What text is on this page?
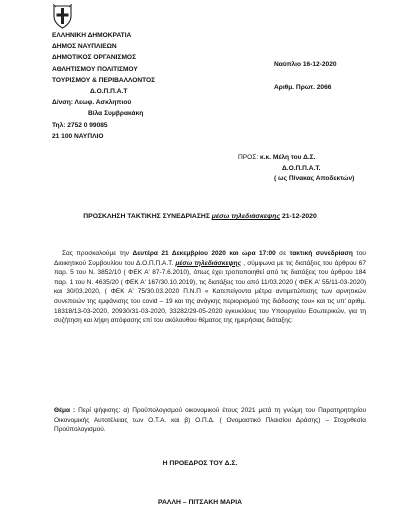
ΕΛΛΗΝΙΚΗ ΔΗΜΟΚΡΑΤΙΑ
ΔΗΜΟΣ ΝΑΥΠΛΙΕΩΝ
ΔΗΜΟΤΙΚΟΣ ΟΡΓΑΝΙΣΜΟΣ
ΑΘΛΗΤΙΣΜΟΥ ΠΟΛΙΤΙΣΜΟΥ
ΤΟΥΡΙΣΜΟΥ & ΠΕΡΙΒΑΛΛΟΝΤΟΣ
Δ.Ο.Π.Π.Α.Τ
Δ/νση: Λεωφ. Ασκληπιού
Βίλα Συμβρακάκη
Τηλ: 2752 0 99085
21 100 ΝΑΥΠΛΙΟ
Ναύπλιο 16-12-2020
Αριθμ. Πρωτ. 2066
ΠΡΟΣ: κ.κ. Μέλη του Δ.Σ.
Δ.Ο.Π.Π.Α.Τ.
( ως Πίνακας Αποδεκτών)
ΠΡΟΣΚΛΗΣΗ ΤΑΚΤΙΚΗΣ ΣΥΝΕΔΡΙΑΣΗΣ μέσω τηλεδιάσκεψης 21-12-2020
Σας προσκαλούμε την Δευτέρα 21 Δεκεμβρίου 2020 και ώρα 17:00 σε τακτική συνεδρίαση του Διοικητικού Συμβουλίου του Δ.Ο.Π.Π.Α.Τ. μέσω τηλεδιάσκεψης , σύμφωνα με τις διατάξεις του άρθρου 67 παρ. 5 του Ν. 3852/10 ( ΦΕΚ Α' 87-7.6.2010), όπως έχει τροποποιηθεί από τις διατάξεις του άρθρου 184 παρ. 1 του Ν. 4635/20 ( ΦΕΚ Α' 167/30.10.2019), τις διατάξεις του από 11/03.2020 ( ΦΕΚ Α' 55/11-03-2020) και 30/03.2020, ( ΦΕΚ Α' 75/30.03.2020 Π.Ν.Π « Κατεπείγοντα μέτρα αντιμετώπισης των αρνητικών συνεπειών της εμφάνισης του covid – 19 και της ανάγκης περιορισμού της διάδοσης του» και τις υπ' αριθμ. 18318/13-03-2020, 20930/31-03-2020, 33282/29-05-2020 εγκυκλίους του Υπουργείου Εσωτερικών, για τη συζήτηση και λήψη απόφασης επί του ακόλουθου θέματος της ημερήσιας διάταξης:
Θέμα : Περί ψήφισης: α) Προϋπολογισμού οικονομικού έτους 2021 μετά τη γνώμη του Παρατηρητηρίου Οικονομικής Αυτοτέλειας των Ο.Τ.Α. και β) Ο.Π.Δ. ( Ονομαστικό Πλαισίου Δράσης) – Στοχοθεσία Προϋπολογισμού.
Η ΠΡΟΕΔΡΟΣ ΤΟΥ Δ.Σ.
ΡΑΛΛΗ – ΠΙΤΣΑΚΗ ΜΑΡΙΑ
